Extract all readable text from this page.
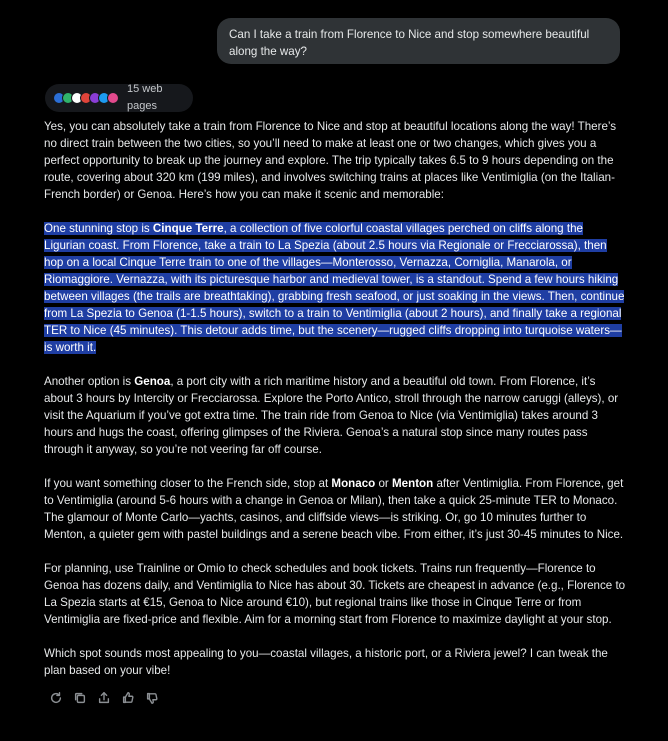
Can I take a train from Florence to Nice and stop somewhere beautiful along the way?
15 web pages

Yes, you can absolutely take a train from Florence to Nice and stop at beautiful locations along the way! There’s no direct train between the two cities, so you’ll need to make at least one or two changes, which gives you a perfect opportunity to break up the journey and explore. The trip typically takes 6.5 to 9 hours depending on the route, covering about 320 km (199 miles), and involves switching trains at places like Ventimiglia (on the Italian-French border) or Genoa. Here’s how you can make it scenic and memorable:

One stunning stop is Cinque Terre, a collection of five colorful coastal villages perched on cliffs along the Ligurian coast. From Florence, take a train to La Spezia (about 2.5 hours via Regionale or Frecciarossa), then hop on a local Cinque Terre train to one of the villages—Monterosso, Vernazza, Corniglia, Manarola, or Riomaggiore. Vernazza, with its picturesque harbor and medieval tower, is a standout. Spend a few hours hiking between villages (the trails are breathtaking), grabbing fresh seafood, or just soaking in the views. Then, continue from La Spezia to Genoa (1-1.5 hours), switch to a train to Ventimiglia (about 2 hours), and finally take a regional TER to Nice (45 minutes). This detour adds time, but the scenery—rugged cliffs dropping into turquoise waters—is worth it.

Another option is Genoa, a port city with a rich maritime history and a beautiful old town. From Florence, it’s about 3 hours by Intercity or Frecciarossa. Explore the Porto Antico, stroll through the narrow caruggi (alleys), or visit the Aquarium if you’ve got extra time. The train ride from Genoa to Nice (via Ventimiglia) takes around 3 hours and hugs the coast, offering glimpses of the Riviera. Genoa’s a natural stop since many routes pass through it anyway, so you’re not veering far off course.

If you want something closer to the French side, stop at Monaco or Menton after Ventimiglia. From Florence, get to Ventimiglia (around 5-6 hours with a change in Genoa or Milan), then take a quick 25-minute TER to Monaco. The glamour of Monte Carlo—yachts, casinos, and cliffside views—is striking. Or, go 10 minutes further to Menton, a quieter gem with pastel buildings and a serene beach vibe. From either, it’s just 30-45 minutes to Nice.

For planning, use Trainline or Omio to check schedules and book tickets. Trains run frequently—Florence to Genoa has dozens daily, and Ventimiglia to Nice has about 30. Tickets are cheapest in advance (e.g., Florence to La Spezia starts at €15, Genoa to Nice around €10), but regional trains like those in Cinque Terre or from Ventimiglia are fixed-price and flexible. Aim for a morning start from Florence to maximize daylight at your stop.

Which spot sounds most appealing to you—coastal villages, a historic port, or a Riviera jewel? I can tweak the plan based on your vibe!
